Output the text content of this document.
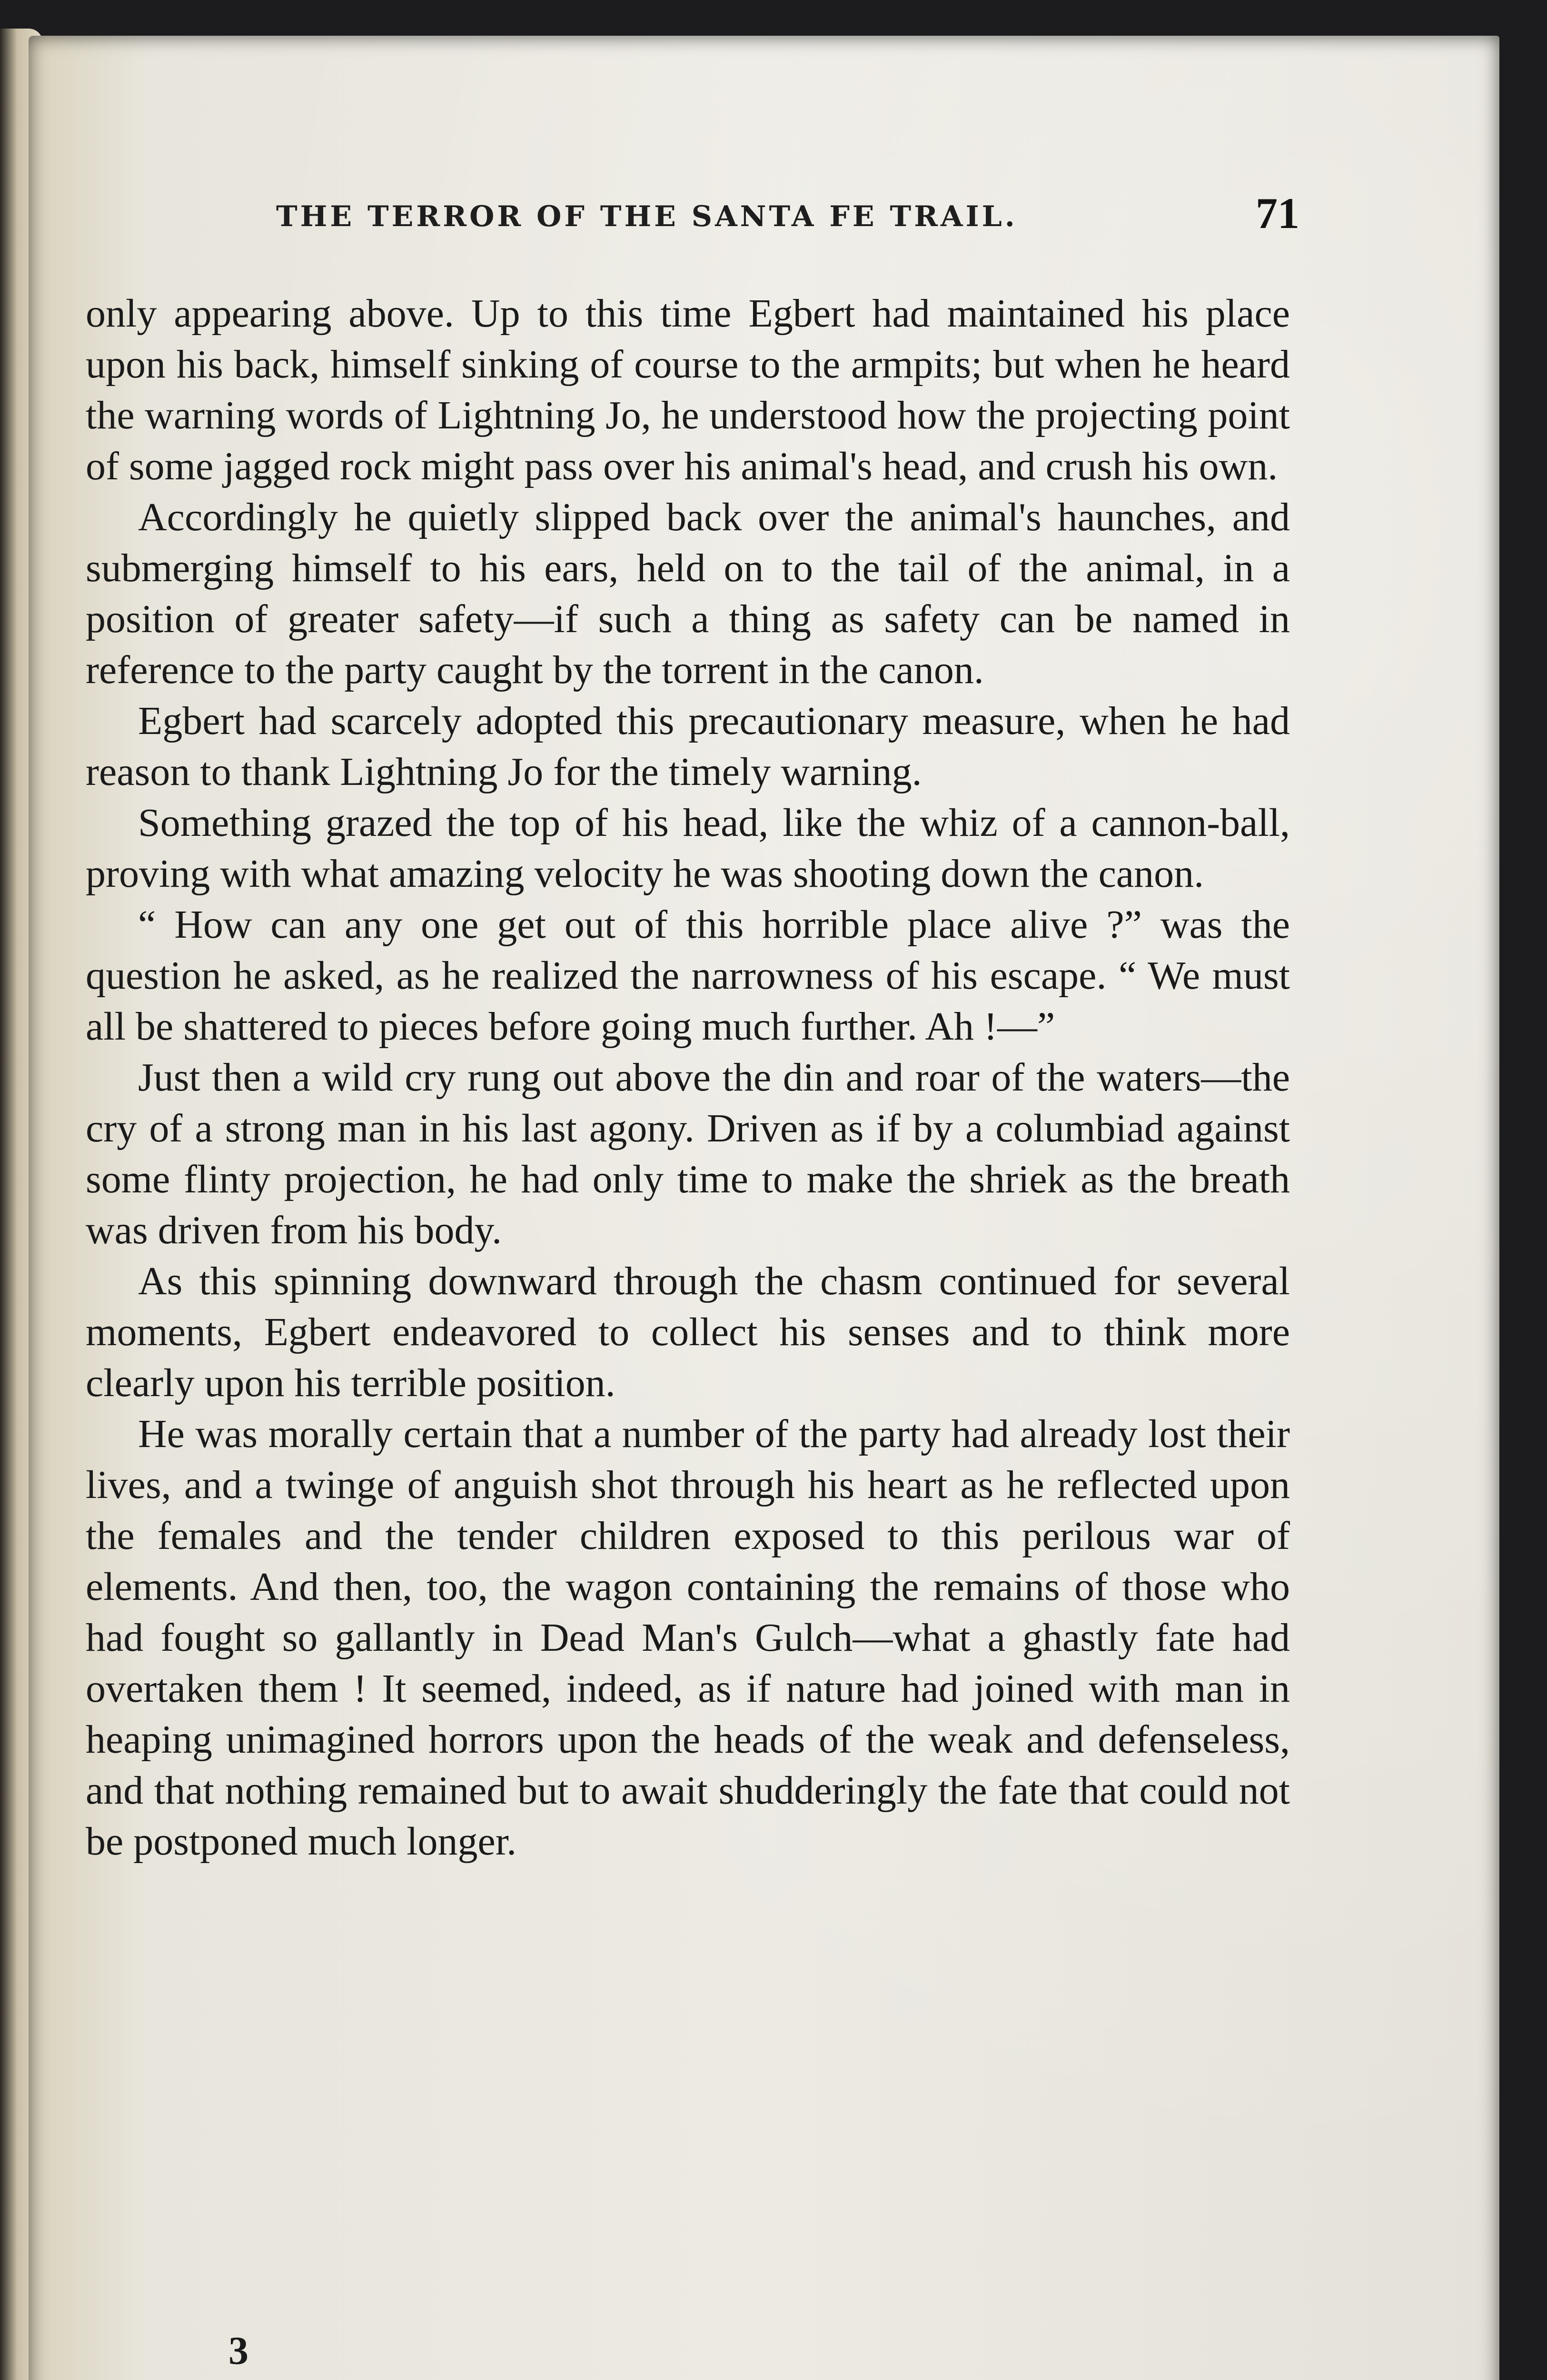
THE TERROR OF THE SANTA FE TRAIL.	71

only appearing above. Up to this time Egbert had maintained his place upon his back, himself sinking of course to the armpits; but when he heard the warning words of Lightning Jo, he understood how the projecting point of some jagged rock might pass over his animal's head, and crush his own.

Accordingly he quietly slipped back over the animal's haunches, and submerging himself to his ears, held on to the tail of the animal, in a position of greater safety—if such a thing as safety can be named in reference to the party caught by the torrent in the canon.

Egbert had scarcely adopted this precautionary measure, when he had reason to thank Lightning Jo for the timely warning.

Something grazed the top of his head, like the whiz of a cannon-ball, proving with what amazing velocity he was shooting down the canon.

“ How can any one get out of this horrible place alive ?” was the question he asked, as he realized the narrowness of his escape. “ We must all be shattered to pieces before going much further. Ah !—”

Just then a wild cry rung out above the din and roar of the waters—the cry of a strong man in his last agony. Driven as if by a columbiad against some flinty projection, he had only time to make the shriek as the breath was driven from his body.

As this spinning downward through the chasm continued for several moments, Egbert endeavored to collect his senses and to think more clearly upon his terrible position.

He was morally certain that a number of the party had already lost their lives, and a twinge of anguish shot through his heart as he reflected upon the females and the tender children exposed to this perilous war of elements. And then, too, the wagon containing the remains of those who had fought so gallantly in Dead Man's Gulch—what a ghastly fate had overtaken them ! It seemed, indeed, as if nature had joined with man in heaping unimagined horrors upon the heads of the weak and defenseless, and that nothing remained but to await shudderingly the fate that could not be postponed much longer.

3
